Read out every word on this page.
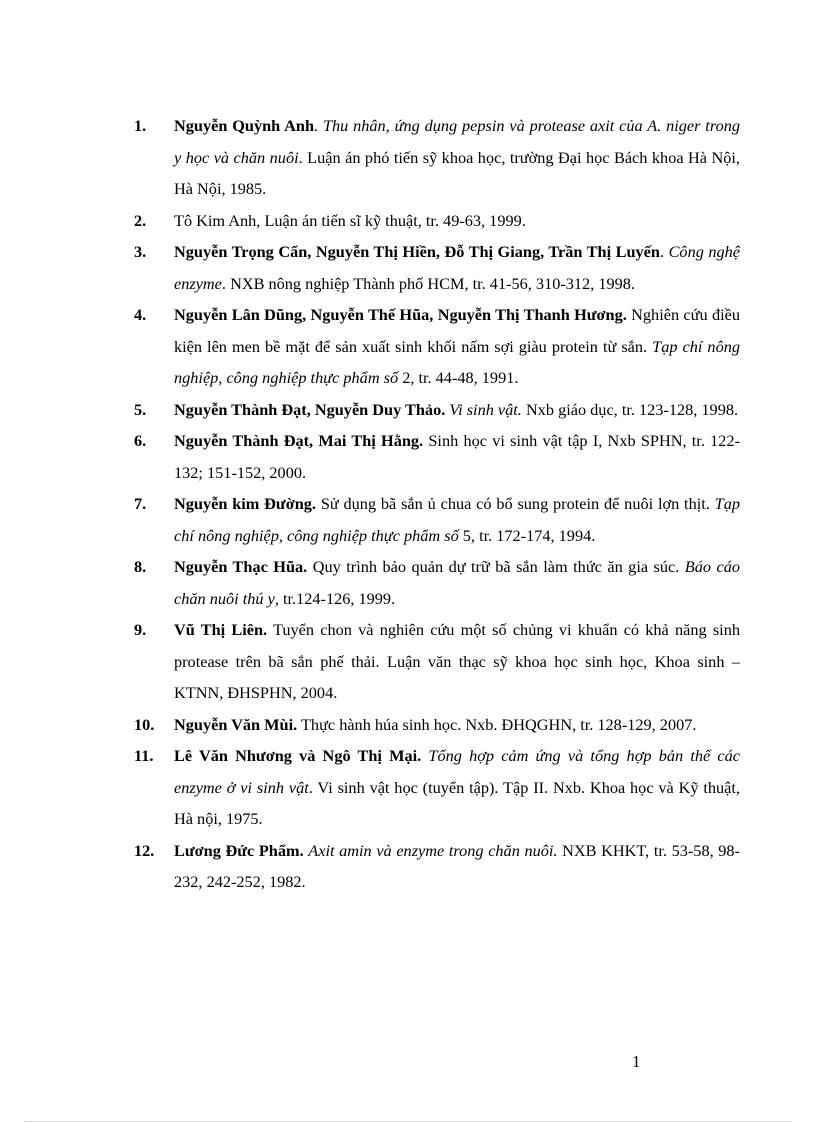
1. Nguyễn Quỳnh Anh. Thu nhân, ứng dụng pepsin và protease axit của A. niger trong y học và chăn nuôi. Luận án phó tiến sỹ khoa học, trường Đại học Bách khoa Hà Nội, Hà Nội, 1985.
2. Tô Kim Anh, Luận án tiến sĩ kỹ thuật, tr. 49-63, 1999.
3. Nguyễn Trọng Cẩn, Nguyễn Thị Hiền, Đỗ Thị Giang, Trần Thị Luyến. Công nghệ enzyme. NXB nông nghiệp Thành phố HCM, tr. 41-56, 310-312, 1998.
4. Nguyễn Lân Dũng, Nguyễn Thế Hũa, Nguyễn Thị Thanh Hương. Nghiên cứu điều kiện lên men bề mặt để sản xuất sinh khối nấm sợi giàu protein từ sắn. Tạp chí nông nghiệp, công nghiệp thực phẩm số 2, tr. 44-48, 1991.
5. Nguyễn Thành Đạt, Nguyễn Duy Thảo. Vi sinh vật. Nxb giáo dục, tr. 123-128, 1998.
6. Nguyễn Thành Đạt, Mai Thị Hằng. Sinh học vi sinh vật tập I, Nxb SPHN, tr. 122-132; 151-152, 2000.
7. Nguyễn kim Đường. Sử dụng bã sắn ủ chua có bổ sung protein để nuôi lợn thịt. Tạp chí nông nghiệp, công nghiệp thực phẩm số 5, tr. 172-174, 1994.
8. Nguyễn Thạc Hũa. Quy trình bảo quản dự trữ bã sắn làm thức ăn gia súc. Báo cáo chăn nuôi thú y, tr.124-126, 1999.
9. Vũ Thị Liên. Tuyển chon và nghiên cứu một số chủng vi khuẩn có khả năng sinh protease trên bã sắn phế thải. Luận văn thạc sỹ khoa học sinh học, Khoa sinh – KTNN, ĐHSPHN, 2004.
10. Nguyễn Văn Mùi. Thực hành húa sinh học. Nxb. ĐHQGHN, tr. 128-129, 2007.
11. Lê Văn Nhương và Ngô Thị Mại. Tổng hợp cảm ứng và tổng hợp bản thể các enzyme ở vi sinh vật. Vi sinh vật học (tuyển tập). Tập II. Nxb. Khoa học và Kỹ thuật, Hà nội, 1975.
12. Lương Đức Phẩm. Axit amin và enzyme trong chăn nuôi. NXB KHKT, tr. 53-58, 98-232, 242-252, 1982.
1
